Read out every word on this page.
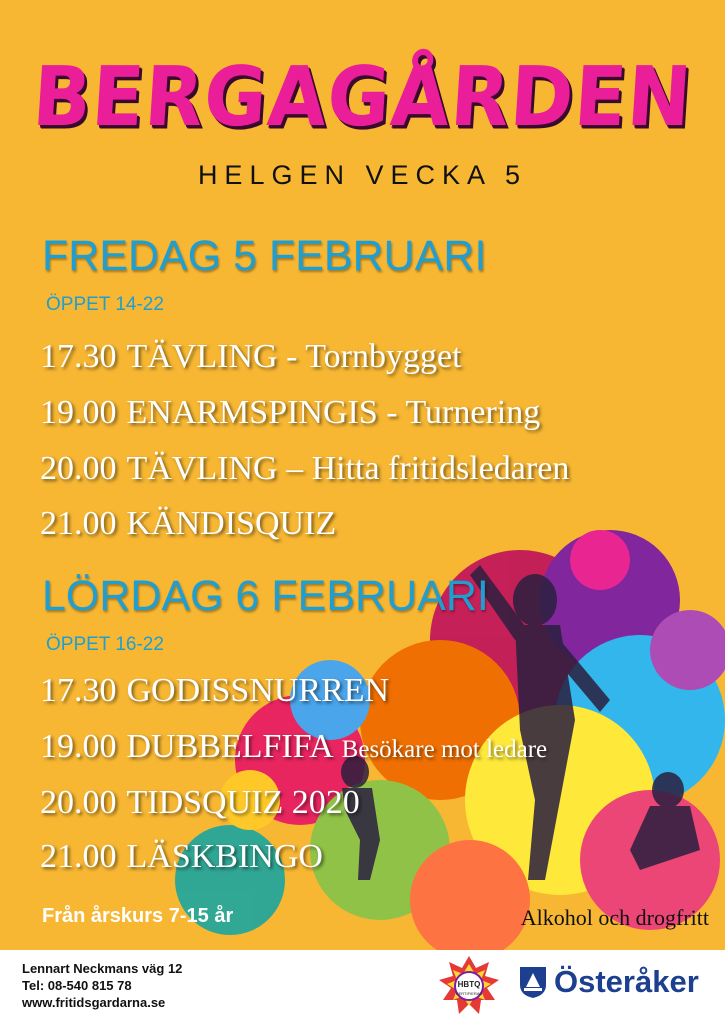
BERGAGÅRDEN
HELGEN VECKA 5
FREDAG 5 FEBRUARI
ÖPPET 14-22
17.30 TÄVLING - Tornbygget
19.00 ENARMSPINGIS - Turnering
20.00 TÄVLING – Hitta fritidsledaren
21.00 KÄNDISQUIZ
LÖRDAG 6 FEBRUARI
ÖPPET 16-22
17.30 GODISSNURREN
19.00 DUBBELFIFA Besökare mot ledare
20.00 TIDSQUIZ 2020
21.00 LÄSKBINGO
Från årskurs 7-15 år	Alkohol och drogfritt
Lennart Neckmans väg 12
Tel: 08-540 815 78
www.fritidsgardarna.se
HBTQ
CERTIFIERAD Österåker
